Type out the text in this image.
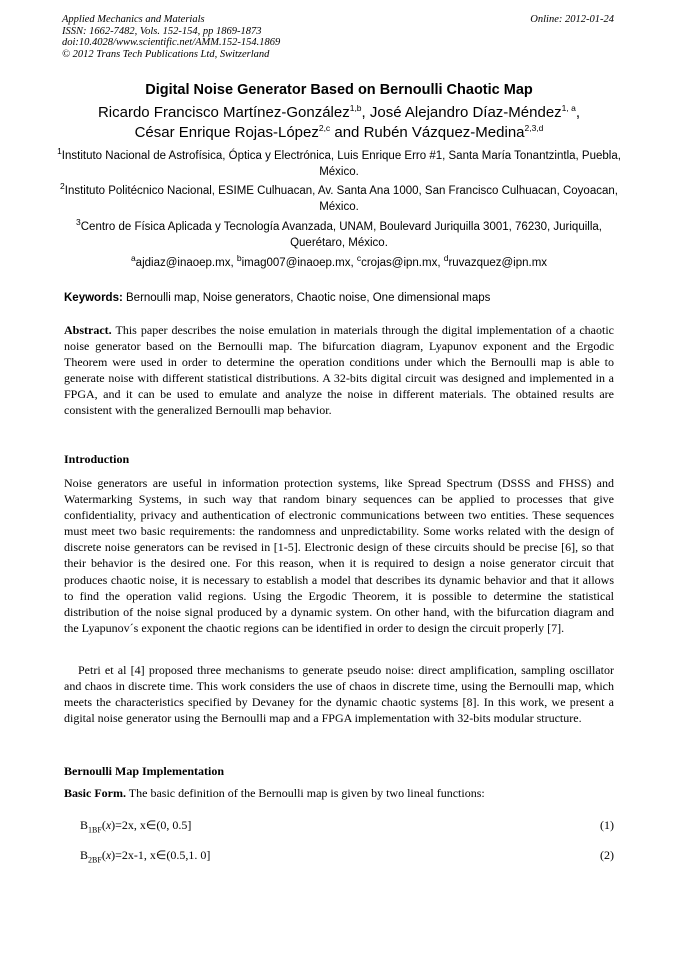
Applied Mechanics and Materials
ISSN: 1662-7482, Vols. 152-154, pp 1869-1873
doi:10.4028/www.scientific.net/AMM.152-154.1869
© 2012 Trans Tech Publications Ltd, Switzerland
Online: 2012-01-24
Digital Noise Generator Based on Bernoulli Chaotic Map
Ricardo Francisco Martínez-González$^{1,b}$, José Alejandro Díaz-Méndez$^{1, a}$,
César Enrique Rojas-López$^{2,c}$ and Rubén Vázquez-Medina$^{2,3,d}$
$^1$Instituto Nacional de Astrofísica, Óptica y Electrónica, Luis Enrique Erro #1, Santa María Tonantzintla, Puebla, México.
$^2$Instituto Politécnico Nacional, ESIME Culhuacan, Av. Santa Ana 1000, San Francisco Culhuacan, Coyoacan, México.
$^3$Centro de Física Aplicada y Tecnología Avanzada, UNAM, Boulevard Juriquilla 3001, 76230, Juriquilla, Querétaro, México.
$^a$ajdiaz@inaoep.mx, $^b$imag007@inaoep.mx, $^c$crojas@ipn.mx, $^d$ruvazquez@ipn.mx
Keywords: Bernoulli map, Noise generators, Chaotic noise, One dimensional maps
Abstract. This paper describes the noise emulation in materials through the digital implementation of a chaotic noise generator based on the Bernoulli map. The bifurcation diagram, Lyapunov exponent and the Ergodic Theorem were used in order to determine the operation conditions under which the Bernoulli map is able to generate noise with different statistical distributions. A 32-bits digital circuit was designed and implemented in a FPGA, and it can be used to emulate and analyze the noise in different materials. The obtained results are consistent with the generalized Bernoulli map behavior.
Introduction
Noise generators are useful in information protection systems, like Spread Spectrum (DSSS and FHSS) and Watermarking Systems, in such way that random binary sequences can be applied to processes that give confidentiality, privacy and authentication of electronic communications between two entities. These sequences must meet two basic requirements: the randomness and unpredictability. Some works related with the design of discrete noise generators can be revised in [1-5]. Electronic design of these circuits should be precise [6], so that their behavior is the desired one. For this reason, when it is required to design a noise generator circuit that produces chaotic noise, it is necessary to establish a model that describes its dynamic behavior and that it allows to find the operation valid regions. Using the Ergodic Theorem, it is possible to determine the statistical distribution of the noise signal produced by a dynamic system. On other hand, with the bifurcation diagram and the Lyapunov´s exponent the chaotic regions can be identified in order to design the circuit properly [7].
Petri et al [4] proposed three mechanisms to generate pseudo noise: direct amplification, sampling oscillator and chaos in discrete time. This work considers the use of chaos in discrete time, using the Bernoulli map, which meets the characteristics specified by Devaney for the dynamic chaotic systems [8]. In this work, we present a digital noise generator using the Bernoulli map and a FPGA implementation with 32-bits modular structure.
Bernoulli Map Implementation
Basic Form. The basic definition of the Bernoulli map is given by two lineal functions:
$B_{1BF}(x)=2x$, x∈(0, 0.5]	(1)
$B_{2BF}(x)=2x-1$, x∈(0.5,1. 0]	(2)
